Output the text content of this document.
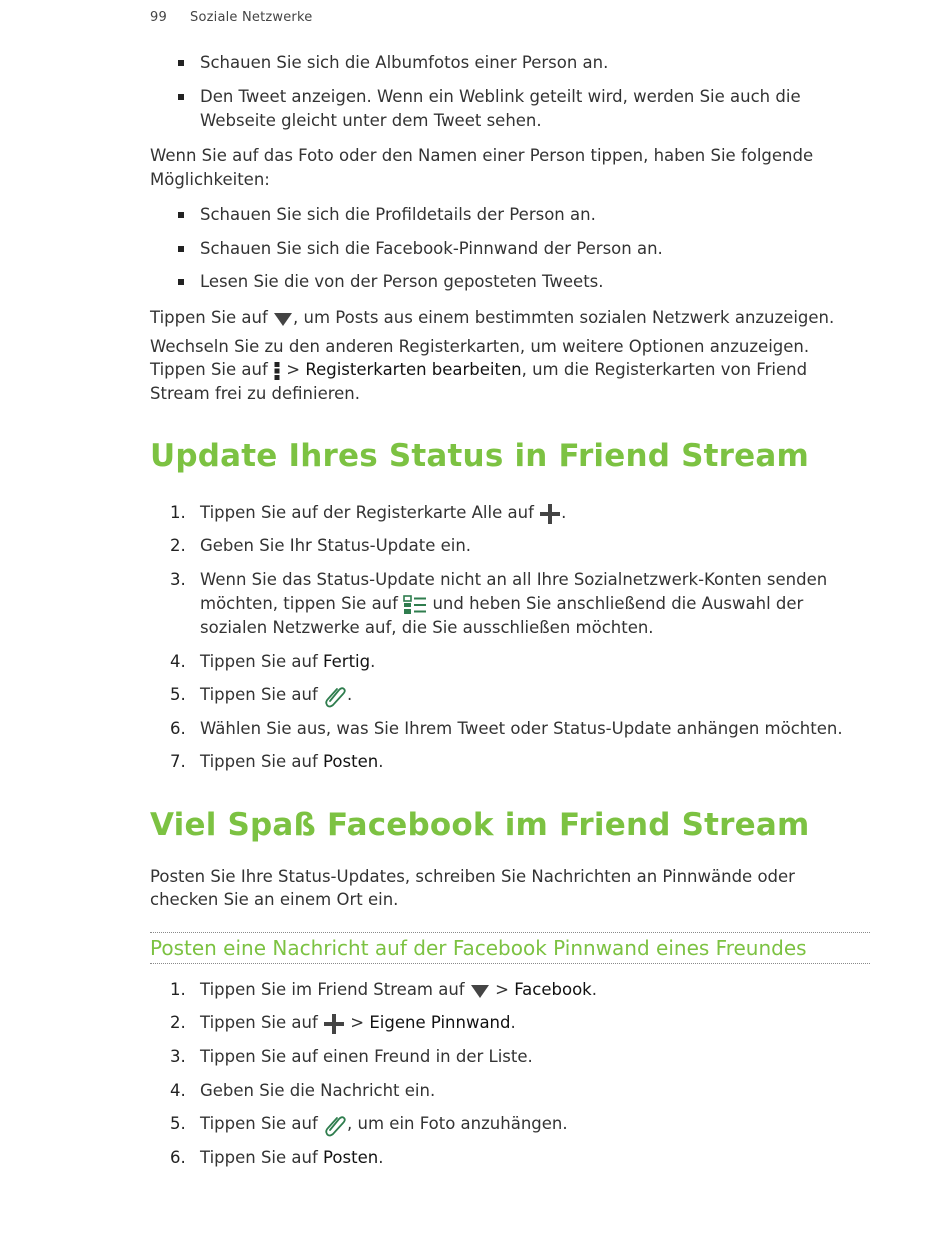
99 Soziale Netzwerke
Schauen Sie sich die Albumfotos einer Person an.
Den Tweet anzeigen. Wenn ein Weblink geteilt wird, werden Sie auch die
Webseite gleicht unter dem Tweet sehen.
Wenn Sie auf das Foto oder den Namen einer Person tippen, haben Sie folgende
Möglichkeiten:
Schauen Sie sich die Profildetails der Person an.
Schauen Sie sich die Facebook-Pinnwand der Person an.
Lesen Sie die von der Person geposteten Tweets.
Tippen Sie auf , um Posts aus einem bestimmten sozialen Netzwerk anzuzeigen.
Wechseln Sie zu den anderen Registerkarten, um weitere Optionen anzuzeigen.
Tippen Sie auf  > Registerkarten bearbeiten, um die Registerkarten von Friend
Stream frei zu definieren.
Update Ihres Status in Friend Stream
1. Tippen Sie auf der Registerkarte Alle auf .
2. Geben Sie Ihr Status-Update ein.
3. Wenn Sie das Status-Update nicht an all Ihre Sozialnetzwerk-Konten senden
möchten, tippen Sie auf und heben Sie anschließend die Auswahl der
sozialen Netzwerke auf, die Sie ausschließen möchten.
4. Tippen Sie auf Fertig.
5. Tippen Sie auf .
6. Wählen Sie aus, was Sie Ihrem Tweet oder Status-Update anhängen möchten.
7. Tippen Sie auf Posten.
Viel Spaß Facebook im Friend Stream
Posten Sie Ihre Status-Updates, schreiben Sie Nachrichten an Pinnwände oder
checken Sie an einem Ort ein.
Posten eine Nachricht auf der Facebook Pinnwand eines Freundes
1. Tippen Sie im Friend Stream auf  > Facebook.
2. Tippen Sie auf  > Eigene Pinnwand.
3. Tippen Sie auf einen Freund in der Liste.
4. Geben Sie die Nachricht ein.
5. Tippen Sie auf , um ein Foto anzuhängen.
6. Tippen Sie auf Posten.
